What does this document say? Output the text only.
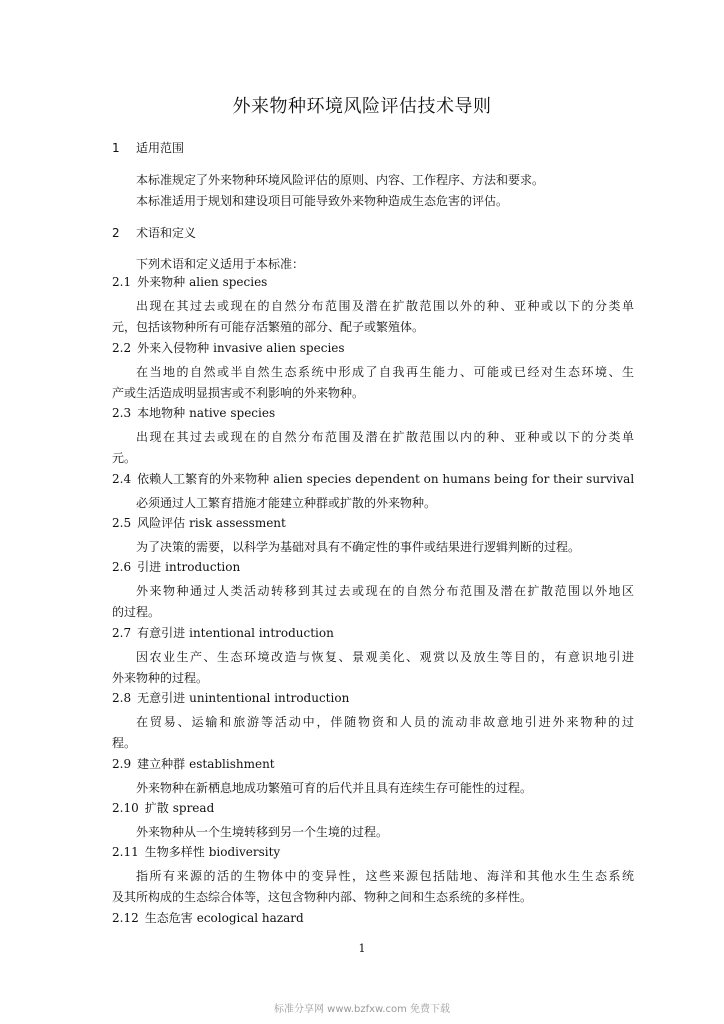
外来物种环境风险评估技术导则
1 适用范围
本标准规定了外来物种环境风险评估的原则、内容、工作程序、方法和要求。
本标准适用于规划和建设项目可能导致外来物种造成生态危害的评估。
2 术语和定义
下列术语和定义适用于本标准：
2.1 外来物种 alien species
出现在其过去或现在的自然分布范围及潜在扩散范围以外的种、亚种或以下的分类单
元，包括该物种所有可能存活繁殖的部分、配子或繁殖体。
2.2 外来入侵物种 invasive alien species
在当地的自然或半自然生态系统中形成了自我再生能力、可能或已经对生态环境、生
产或生活造成明显损害或不利影响的外来物种。
2.3 本地物种 native species
出现在其过去或现在的自然分布范围及潜在扩散范围以内的种、亚种或以下的分类单
元。
2.4 依赖人工繁育的外来物种 alien species dependent on humans being for their survival
必须通过人工繁育措施才能建立种群或扩散的外来物种。
2.5 风险评估 risk assessment
为了决策的需要，以科学为基础对具有不确定性的事件或结果进行逻辑判断的过程。
2.6 引进 introduction
外来物种通过人类活动转移到其过去或现在的自然分布范围及潜在扩散范围以外地区
的过程。
2.7 有意引进 intentional introduction
因农业生产、生态环境改造与恢复、景观美化、观赏以及放生等目的，有意识地引进
外来物种的过程。
2.8 无意引进 unintentional introduction
在贸易、运输和旅游等活动中，伴随物资和人员的流动非故意地引进外来物种的过
程。
2.9 建立种群 establishment
外来物种在新栖息地成功繁殖可育的后代并且具有连续生存可能性的过程。
2.10 扩散 spread
外来物种从一个生境转移到另一个生境的过程。
2.11 生物多样性 biodiversity
指所有来源的活的生物体中的变异性，这些来源包括陆地、海洋和其他水生生态系统
及其所构成的生态综合体等，这包含物种内部、物种之间和生态系统的多样性。
2.12 生态危害 ecological hazard
1
标准分享网 www.bzfxw.com 免费下载
